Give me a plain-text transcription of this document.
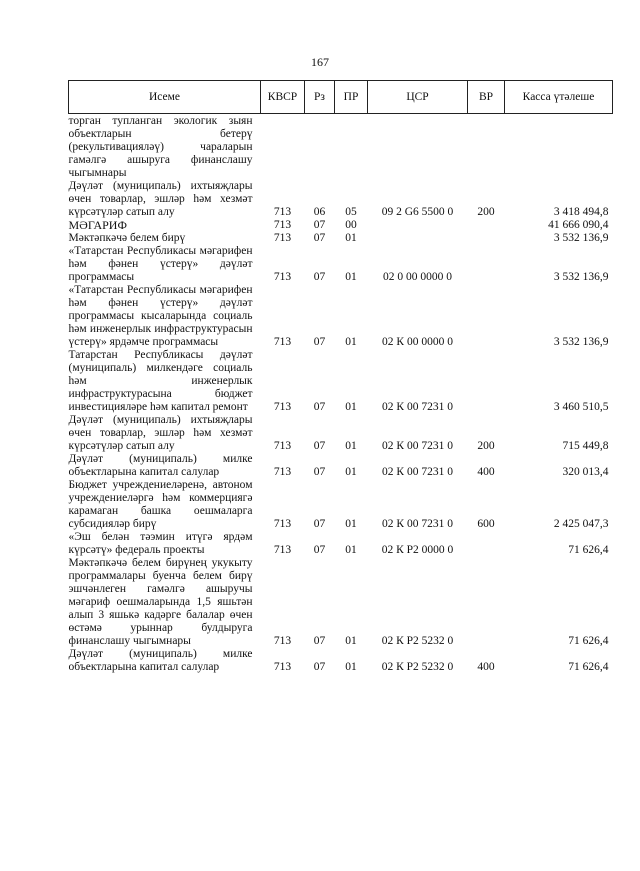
167
Исеме	КВСР	Рз	ПР	ЦСР	ВР	Касса үтәлеше
торган тупланган экологик зыян объектларын бетерү (рекультивацияләү) чараларын гамәлгә ашыруга финанслашу чыгымнары						
Дәүләт (муниципаль) ихтыяҗлары өчен товарлар, эшләр һәм хезмәт күрсәтүләр сатып алу	713	06	05	09 2 G6 5500 0	200	3 418 494,8
МӘГАРИФ	713	07	00			41 666 090,4
Мәктәпкәчә белем бирү	713	07	01			3 532 136,9
«Татарстан Республикасы мәгарифен һәм фәнен үстерү» дәүләт программасы	713	07	01	02 0 00 0000 0		3 532 136,9
«Татарстан Республикасы мәгарифен һәм фәнен үстерү» дәүләт программасы кысаларында социаль һәм инженерлык инфраструктурасын үстерү» ярдәмче программасы	713	07	01	02 К 00 0000 0		3 532 136,9
Татарстан Республикасы дәүләт (муниципаль) милкендәге социаль һәм инженерлык инфраструктурасына бюджет инвестицияләре һәм капитал ремонт	713	07	01	02 К 00 7231 0		3 460 510,5
Дәүләт (муниципаль) ихтыяҗлары өчен товарлар, эшләр һәм хезмәт күрсәтүләр сатып алу	713	07	01	02 К 00 7231 0	200	715 449,8
Дәүләт (муниципаль) милке объектларына капитал салулар	713	07	01	02 К 00 7231 0	400	320 013,4
Бюджет учреждениеләренә, автоном учреждениеләргә һәм коммерциягә карамаган башка оешмаларга субсидияләр бирү	713	07	01	02 К 00 7231 0	600	2 425 047,3
«Эш белән тәэмин итүгә ярдәм күрсәтү» федераль проекты	713	07	01	02 К Р2 0000 0		71 626,4
Мәктәпкәчә белем бирүнең укукыту программалары буенча белем бирү эшчәнлеген гамәлгә ашыручы мәгариф оешмаларында 1,5 яшьтән алып 3 яшькә кадәрге балалар өчен өстәмә урыннар булдыруга финанслашу чыгымнары	713	07	01	02 К Р2 5232 0		71 626,4
Дәүләт (муниципаль) милке объектларына капитал салулар	713	07	01	02 К Р2 5232 0	400	71 626,4
